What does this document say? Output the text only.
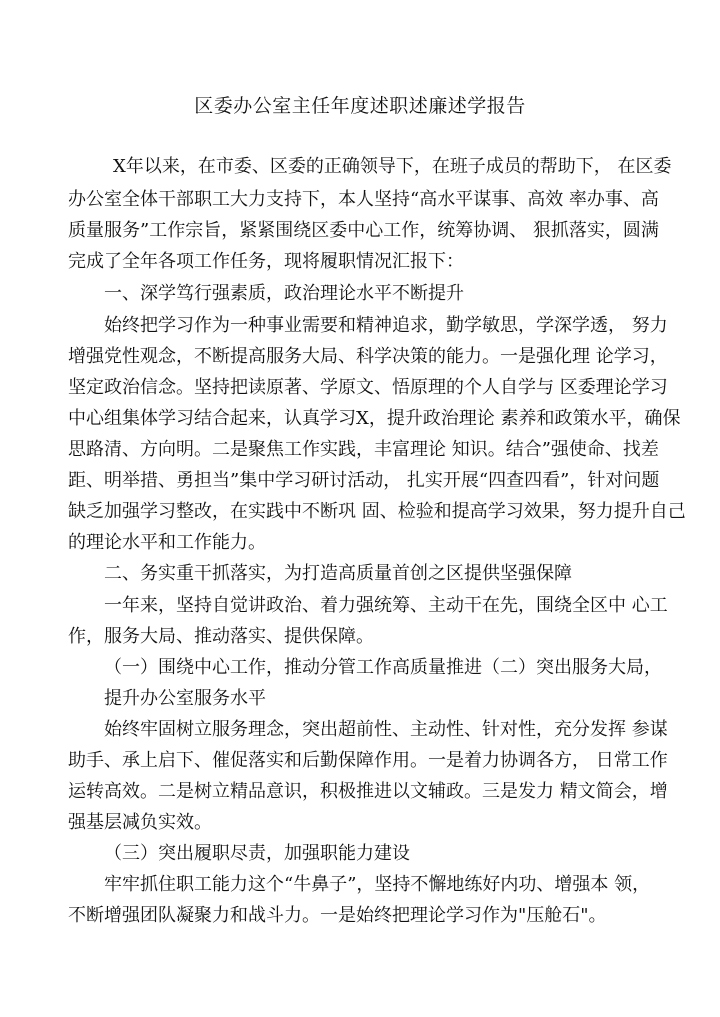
区委办公室主任年度述职述廉述学报告
X年以来，在市委、区委的正确领导下，在班子成员的帮助下， 在区委
办公室全体干部职工大力支持下，本人坚持“高水平谋事、高效 率办事、高
质量服务”工作宗旨，紧紧围绕区委中心工作，统筹协调、 狠抓落实，圆满
完成了全年各项工作任务，现将履职情况汇报下：
一、深学笃行强素质，政治理论水平不断提升
始终把学习作为一种事业需要和精神追求，勤学敏思，学深学透， 努力
增强党性观念，不断提高服务大局、科学决策的能力。一是强化理 论学习，
坚定政治信念。坚持把读原著、学原文、悟原理的个人自学与 区委理论学习
中心组集体学习结合起来，认真学习X，提升政治理论 素养和政策水平，确保
思路清、方向明。二是聚焦工作实践，丰富理论 知识。结合”强使命、找差
距、明举措、勇担当”集中学习研讨活动， 扎实开展“四查四看”，针对问题
缺乏加强学习整改，在实践中不断巩 固、检验和提高学习效果，努力提升自己
的理论水平和工作能力。
二、务实重干抓落实，为打造高质量首创之区提供坚强保障
一年来，坚持自觉讲政治、着力强统筹、主动干在先，围绕全区中 心工
作，服务大局、推动落实、提供保障。
（一）围绕中心工作，推动分管工作高质量推进（二）突出服务大局，
提升办公室服务水平
始终牢固树立服务理念，突出超前性、主动性、针对性，充分发挥 参谋
助手、承上启下、催促落实和后勤保障作用。一是着力协调各方， 日常工作
运转高效。二是树立精品意识，积极推进以文辅政。三是发力 精文简会，增
强基层减负实效。
（三）突出履职尽责，加强职能力建设
牢牢抓住职工能力这个“牛鼻子”，坚持不懈地练好内功、增强本 领，
不断增强团队凝聚力和战斗力。一是始终把理论学习作为"压舱石"。
